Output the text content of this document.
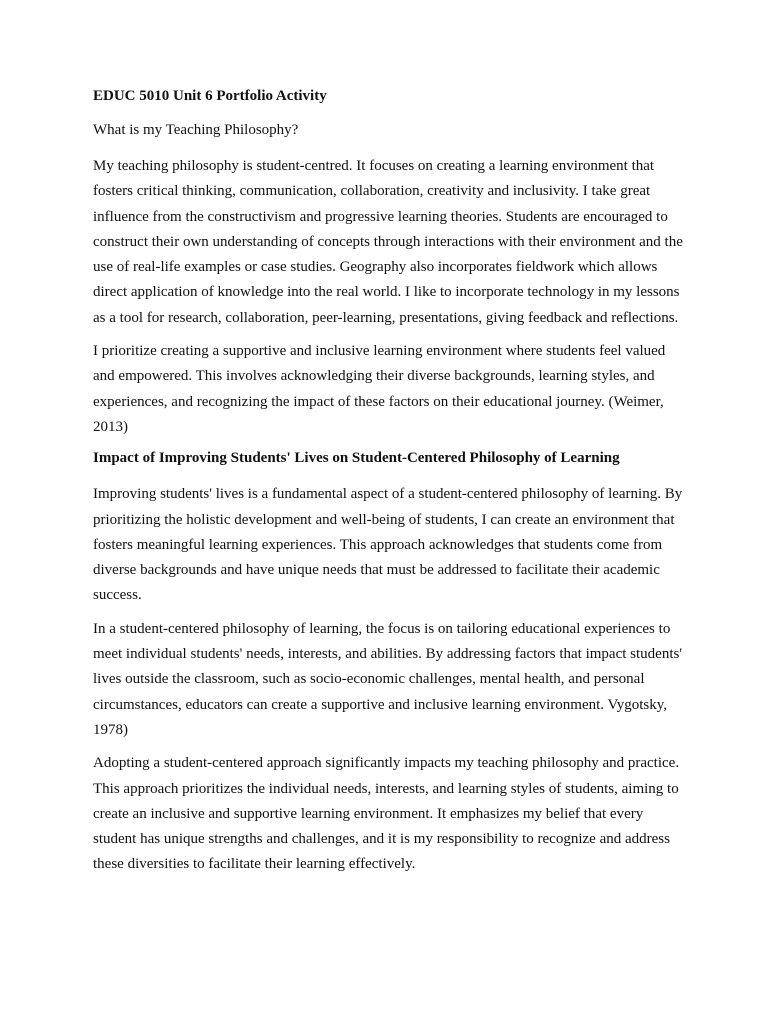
EDUC 5010 Unit 6 Portfolio Activity
What is my Teaching Philosophy?
My teaching philosophy is student-centred. It focuses on creating a learning environment that fosters critical thinking, communication, collaboration, creativity and inclusivity. I take great influence from the constructivism and progressive learning theories. Students are encouraged to construct their own understanding of concepts through interactions with their environment and the use of real-life examples or case studies. Geography also incorporates fieldwork which allows direct application of knowledge into the real world. I like to incorporate technology in my lessons as a tool for research, collaboration, peer-learning, presentations, giving feedback and reflections.
I prioritize creating a supportive and inclusive learning environment where students feel valued and empowered. This involves acknowledging their diverse backgrounds, learning styles, and experiences, and recognizing the impact of these factors on their educational journey. (Weimer, 2013)
Impact of Improving Students' Lives on Student-Centered Philosophy of Learning
Improving students' lives is a fundamental aspect of a student-centered philosophy of learning. By prioritizing the holistic development and well-being of students, I can create an environment that fosters meaningful learning experiences. This approach acknowledges that students come from diverse backgrounds and have unique needs that must be addressed to facilitate their academic success.
In a student-centered philosophy of learning, the focus is on tailoring educational experiences to meet individual students' needs, interests, and abilities. By addressing factors that impact students' lives outside the classroom, such as socio-economic challenges, mental health, and personal circumstances, educators can create a supportive and inclusive learning environment. Vygotsky, 1978)
Adopting a student-centered approach significantly impacts my teaching philosophy and practice. This approach prioritizes the individual needs, interests, and learning styles of students, aiming to create an inclusive and supportive learning environment. It emphasizes my belief that every student has unique strengths and challenges, and it is my responsibility to recognize and address these diversities to facilitate their learning effectively.
